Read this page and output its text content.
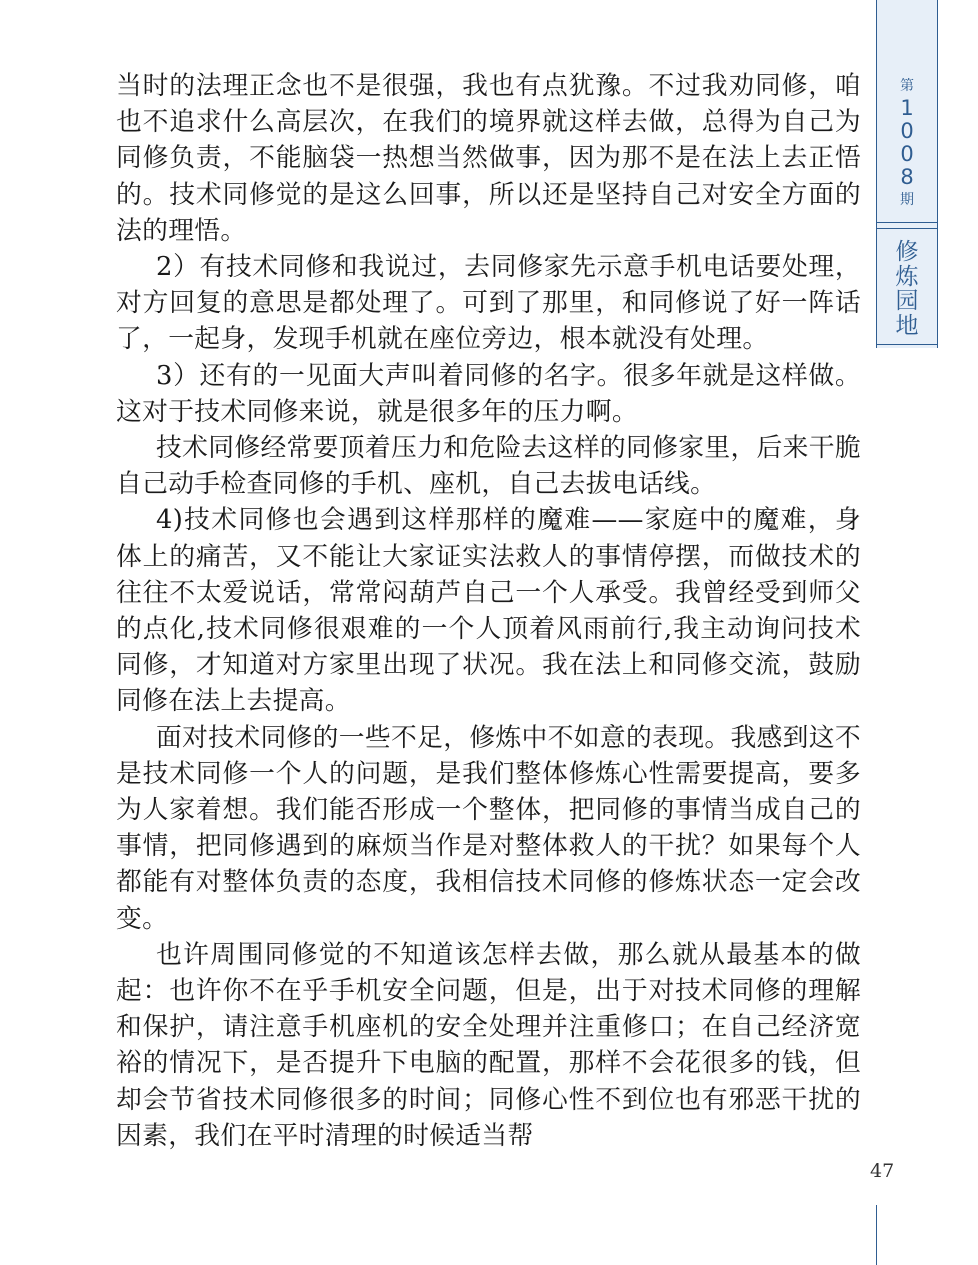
当时的法理正念也不是很强，我也有点犹豫。不过我劝同修，咱也不追求什么高层次，在我们的境界就这样去做，总得为自己为同修负责，不能脑袋一热想当然做事，因为那不是在法上去正悟的。技术同修觉的是这么回事，所以还是坚持自己对安全方面的法的理悟。

2）有技术同修和我说过，去同修家先示意手机电话要处理，对方回复的意思是都处理了。可到了那里，和同修说了好一阵话了，一起身，发现手机就在座位旁边，根本就没有处理。

3）还有的一见面大声叫着同修的名字。很多年就是这样做。这对于技术同修来说，就是很多年的压力啊。

技术同修经常要顶着压力和危险去这样的同修家里，后来干脆自己动手检查同修的手机、座机，自己去拔电话线。

4)技术同修也会遇到这样那样的魔难——家庭中的魔难，身体上的痛苦，又不能让大家证实法救人的事情停摆，而做技术的往往不太爱说话，常常闷葫芦自己一个人承受。我曾经受到师父的点化,技术同修很艰难的一个人顶着风雨前行,我主动询问技术同修，才知道对方家里出现了状况。我在法上和同修交流，鼓励同修在法上去提高。

面对技术同修的一些不足，修炼中不如意的表现。我感到这不是技术同修一个人的问题，是我们整体修炼心性需要提高，要多为人家着想。我们能否形成一个整体，把同修的事情当成自己的事情，把同修遇到的麻烦当作是对整体救人的干扰？如果每个人都能有对整体负责的态度，我相信技术同修的修炼状态一定会改变。

也许周围同修觉的不知道该怎样去做，那么就从最基本的做起：也许你不在乎手机安全问题，但是，出于对技术同修的理解和保护，请注意手机座机的安全处理并注重修口；在自己经济宽裕的情况下，是否提升下电脑的配置，那样不会花很多的钱，但却会节省技术同修很多的时间；同修心性不到位也有邪恶干扰的因素，我们在平时清理的时候适当帮

第
1
0
0
8
期
修
炼
园
地
47
